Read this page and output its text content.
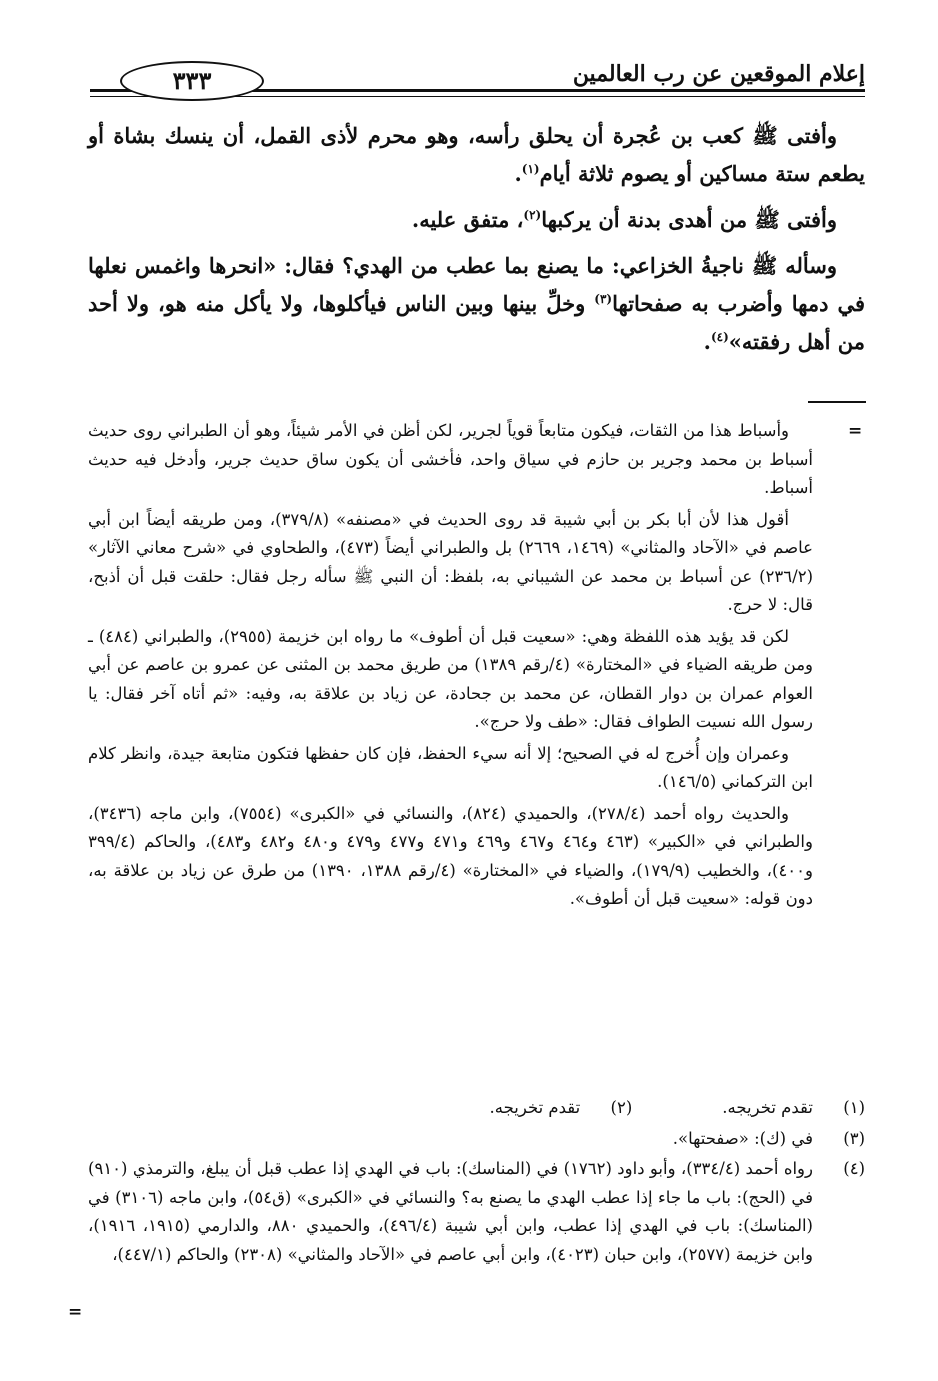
إعلام الموقعين عن رب العالمين
٣٣٣

وأفتى ﷺ كعب بن عُجرة أن يحلق رأسه، وهو محرم لأذى القمل، أن ينسك بشاة أو يطعم ستة مساكين أو يصوم ثلاثة أيام$^{(١)}$.

وأفتى ﷺ من أهدى بدنة أن يركبها$^{(٢)}$، متفق عليه.

وسأله ﷺ ناجيةُ الخزاعي: ما يصنع بما عطب من الهدي؟ فقال: «انحرها واغمس نعلها في دمها وأضرب به صفحاتها$^{(٣)}$ وخلِّ بينها وبين الناس فيأكلوها، ولا يأكل منه هو، ولا أحد من أهل رفقته»$^{(٤)}$.

=

وأسباط هذا من الثقات، فيكون متابعاً قوياً لجرير، لكن أظن في الأمر شيئاً، وهو أن الطبراني روى حديث أسباط بن محمد وجرير بن حازم في سياق واحد، فأخشى أن يكون ساق حديث جرير، وأدخل فيه حديث أسباط.

أقول هذا لأن أبا بكر بن أبي شيبة قد روى الحديث في «مصنفه» (٣٧٩/٨)، ومن طريقه أيضاً ابن أبي عاصم في «الآحاد والمثاني» (١٤٦٩، ٢٦٦٩) بل والطبراني أيضاً (٤٧٣)، والطحاوي في «شرح معاني الآثار» (٢٣٦/٢) عن أسباط بن محمد عن الشيباني به، بلفظ: أن النبي ﷺ سأله رجل فقال: حلقت قبل أن أذبح، قال: لا حرج.

لكن قد يؤيد هذه اللفظة وهي: «سعيت قبل أن أطوف» ما رواه ابن خزيمة (٢٩٥٥)، والطبراني (٤٨٤) ـ ومن طريقه الضياء في «المختارة» (٤/رقم ١٣٨٩) من طريق محمد بن المثنى عن عمرو بن عاصم عن أبي العوام عمران بن دوار القطان، عن محمد بن جحادة، عن زياد بن علاقة به، وفيه: «ثم أتاه آخر فقال: يا رسول الله نسيت الطواف فقال: «طف ولا حرج».

وعمران وإن أُخرج له في الصحيح؛ إلا أنه سيء الحفظ، فإن كان حفظها فتكون متابعة جيدة، وانظر كلام ابن التركماني (١٤٦/٥).

والحديث رواه أحمد (٢٧٨/٤)، والحميدي (٨٢٤)، والنسائي في «الكبرى» (٧٥٥٤)، وابن ماجه (٣٤٣٦)، والطبراني في «الكبير» (٤٦٣ و٤٦٤ و٤٦٧ و٤٦٩ و٤٧١ و٤٧٧ و٤٧٩ و٤٨٠ و٤٨٢ و٤٨٣)، والحاكم (٣٩٩/٤ و٤٠٠)، والخطيب (١٧٩/٩)، والضياء في «المختارة» (٤/رقم ١٣٨٨، ١٣٩٠) من طرق عن زياد بن علاقة به، دون قوله: «سعيت قبل أن أطوف».

(١)
تقدم تخريجه.
(٢)
تقدم تخريجه.
(٣)
في (ك): «صفحتها».
(٤)
رواه أحمد (٣٣٤/٤)، وأبو داود (١٧٦٢) في (المناسك): باب في الهدي إذا عطب قبل أن يبلغ، والترمذي (٩١٠) في (الحج): باب ما جاء إذا عطب الهدي ما يصنع به؟ والنسائي في «الكبرى» (ق٥٤)، وابن ماجه (٣١٠٦) في (المناسك): باب في الهدي إذا عطب، وابن أبي شيبة (٤٩٦/٤)، والحميدي ٨٨٠، والدارمي (١٩١٥، ١٩١٦)، وابن خزيمة (٢٥٧٧)، وابن حبان (٤٠٢٣)، وابن أبي عاصم في «الآحاد والمثاني» (٢٣٠٨) والحاكم (٤٤٧/١)،
=
